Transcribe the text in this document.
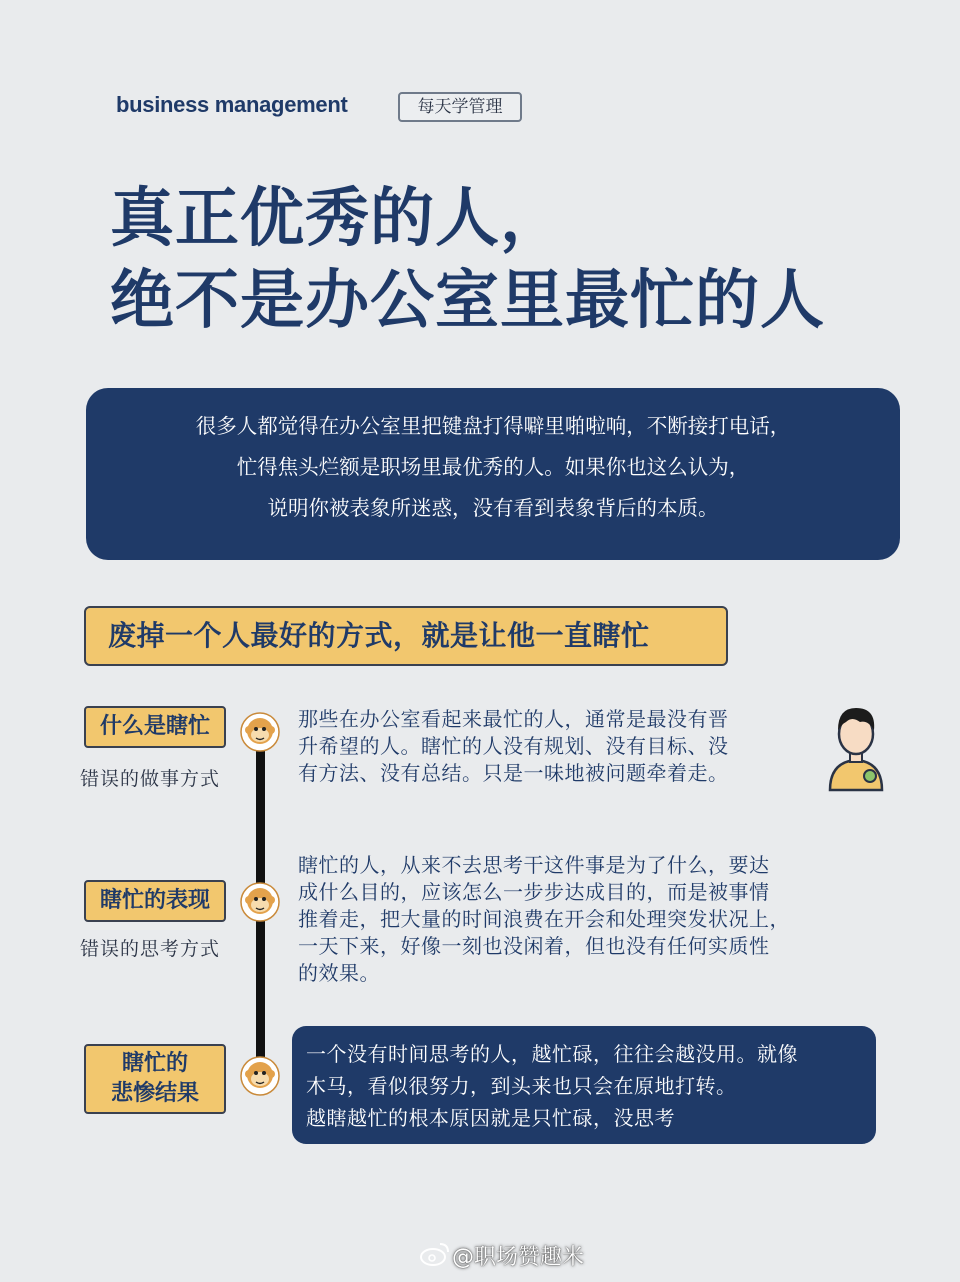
business management	每天学管理
真正优秀的人，
绝不是办公室里最忙的人

很多人都觉得在办公室里把键盘打得噼里啪啦响，不断接打电话，

忙得焦头烂额是职场里最优秀的人。如果你也这么认为，

说明你被表象所迷惑，没有看到表象背后的本质。

废掉一个人最好的方式，就是让他一直瞎忙
什么是瞎忙
错误的做事方式

那些在办公室看起来最忙的人，通常是最没有晋

升希望的人。瞎忙的人没有规划、没有目标、没

有方法、没有总结。只是一味地被问题牵着走。

瞎忙的表现
错误的思考方式

瞎忙的人，从来不去思考干这件事是为了什么，要达

成什么目的，应该怎么一步步达成目的，而是被事情

推着走，把大量的时间浪费在开会和处理突发状况上，

一天下来，好像一刻也没闲着，但也没有任何实质性

的效果。

瞎忙的
悲惨结果

一个没有时间思考的人，越忙碌，往往会越没用。就像

木马，看似很努力，到头来也只会在原地打转。

越瞎越忙的根本原因就是只忙碌，没思考

@职场赞趣米
